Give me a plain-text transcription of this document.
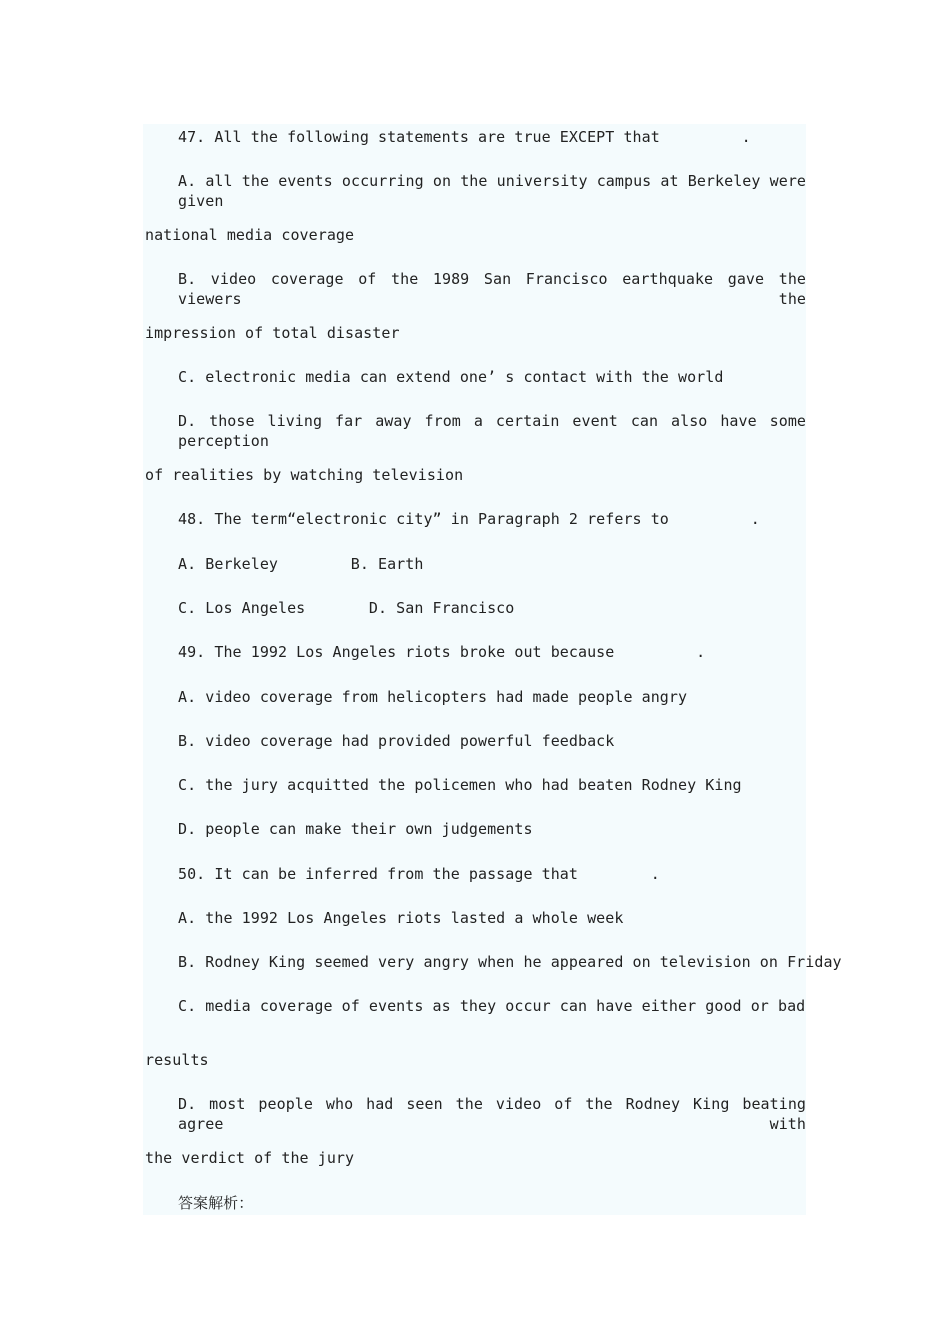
47. All the following statements are true EXCEPT that         .
A. all the events occurring on the university campus at Berkeley were given
national media coverage
B. video coverage of the 1989 San Francisco earthquake gave the viewers the
impression of total disaster
C. electronic media can extend one’ s contact with the world
D. those living far away from a certain event can also have some perception
of realities by watching television
48. The term“electronic city” in Paragraph 2 refers to         .
A. Berkeley        B. Earth
C. Los Angeles       D. San Francisco
49. The 1992 Los Angeles riots broke out because         .
A. video coverage from helicopters had made people angry
B. video coverage had provided powerful feedback
C. the jury acquitted the policemen who had beaten Rodney King
D. people can make their own judgements
50. It can be inferred from the passage that        .
A. the 1992 Los Angeles riots lasted a whole week
B. Rodney King seemed very angry when he appeared on television on Friday
C. media coverage of events as they occur can have either good or bad
results
D. most people who had seen the video of the Rodney King beating agree with
the verdict of the jury
答案解析：
